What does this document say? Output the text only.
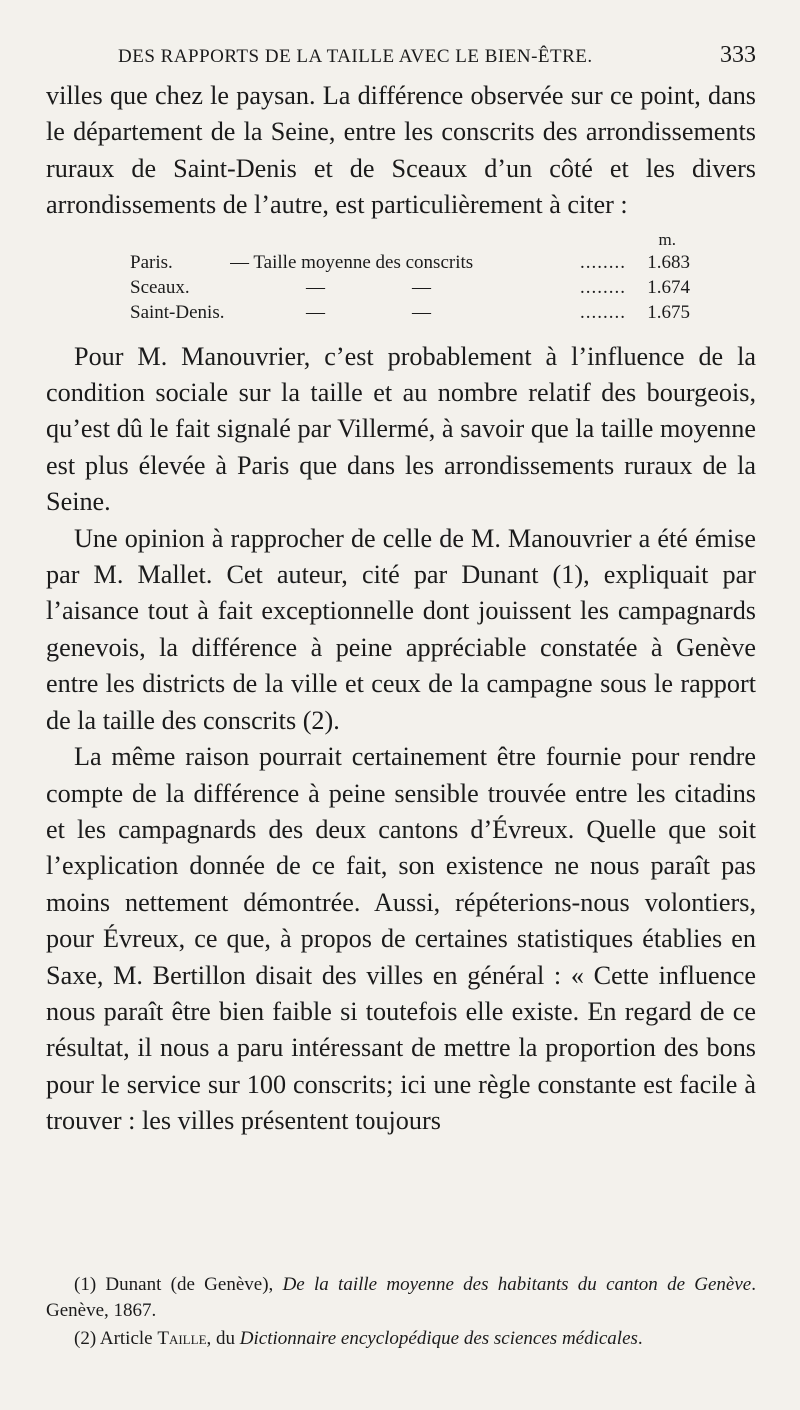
DES RAPPORTS DE LA TAILLE AVEC LE BIEN-ÊTRE.	333

villes que chez le paysan. La différence observée sur ce point, dans le département de la Seine, entre les conscrits des arrondissements ruraux de Saint-Denis et de Sceaux d’un côté et les divers arrondissements de l’autre, est particulièrement à citer :

m.
Paris.	— Taille moyenne des conscrits	........	1.683
Sceaux.	—	—	........	1.674
Saint-Denis.	—	—	........	1.675

Pour M. Manouvrier, c’est probablement à l’influence de la condition sociale sur la taille et au nombre relatif des bourgeois, qu’est dû le fait signalé par Villermé, à savoir que la taille moyenne est plus élevée à Paris que dans les arrondissements ruraux de la Seine.

Une opinion à rapprocher de celle de M. Manouvrier a été émise par M. Mallet. Cet auteur, cité par Dunant (1), expliquait par l’aisance tout à fait exceptionnelle dont jouissent les campagnards genevois, la différence à peine appréciable constatée à Genève entre les districts de la ville et ceux de la campagne sous le rapport de la taille des conscrits (2).

La même raison pourrait certainement être fournie pour rendre compte de la différence à peine sensible trouvée entre les citadins et les campagnards des deux cantons d’Évreux. Quelle que soit l’explication donnée de ce fait, son existence ne nous paraît pas moins nettement démontrée. Aussi, répéterions-nous volontiers, pour Évreux, ce que, à propos de certaines statistiques établies en Saxe, M. Bertillon disait des villes en général : « Cette influence nous paraît être bien faible si toutefois elle existe. En regard de ce résultat, il nous a paru intéressant de mettre la proportion des bons pour le service sur 100 conscrits; ici une règle constante est facile à trouver : les villes présentent toujours

(1) Dunant (de Genève), De la taille moyenne des habitants du canton de Genève. Genève, 1867.

(2) Article Taille, du Dictionnaire encyclopédique des sciences médicales.
